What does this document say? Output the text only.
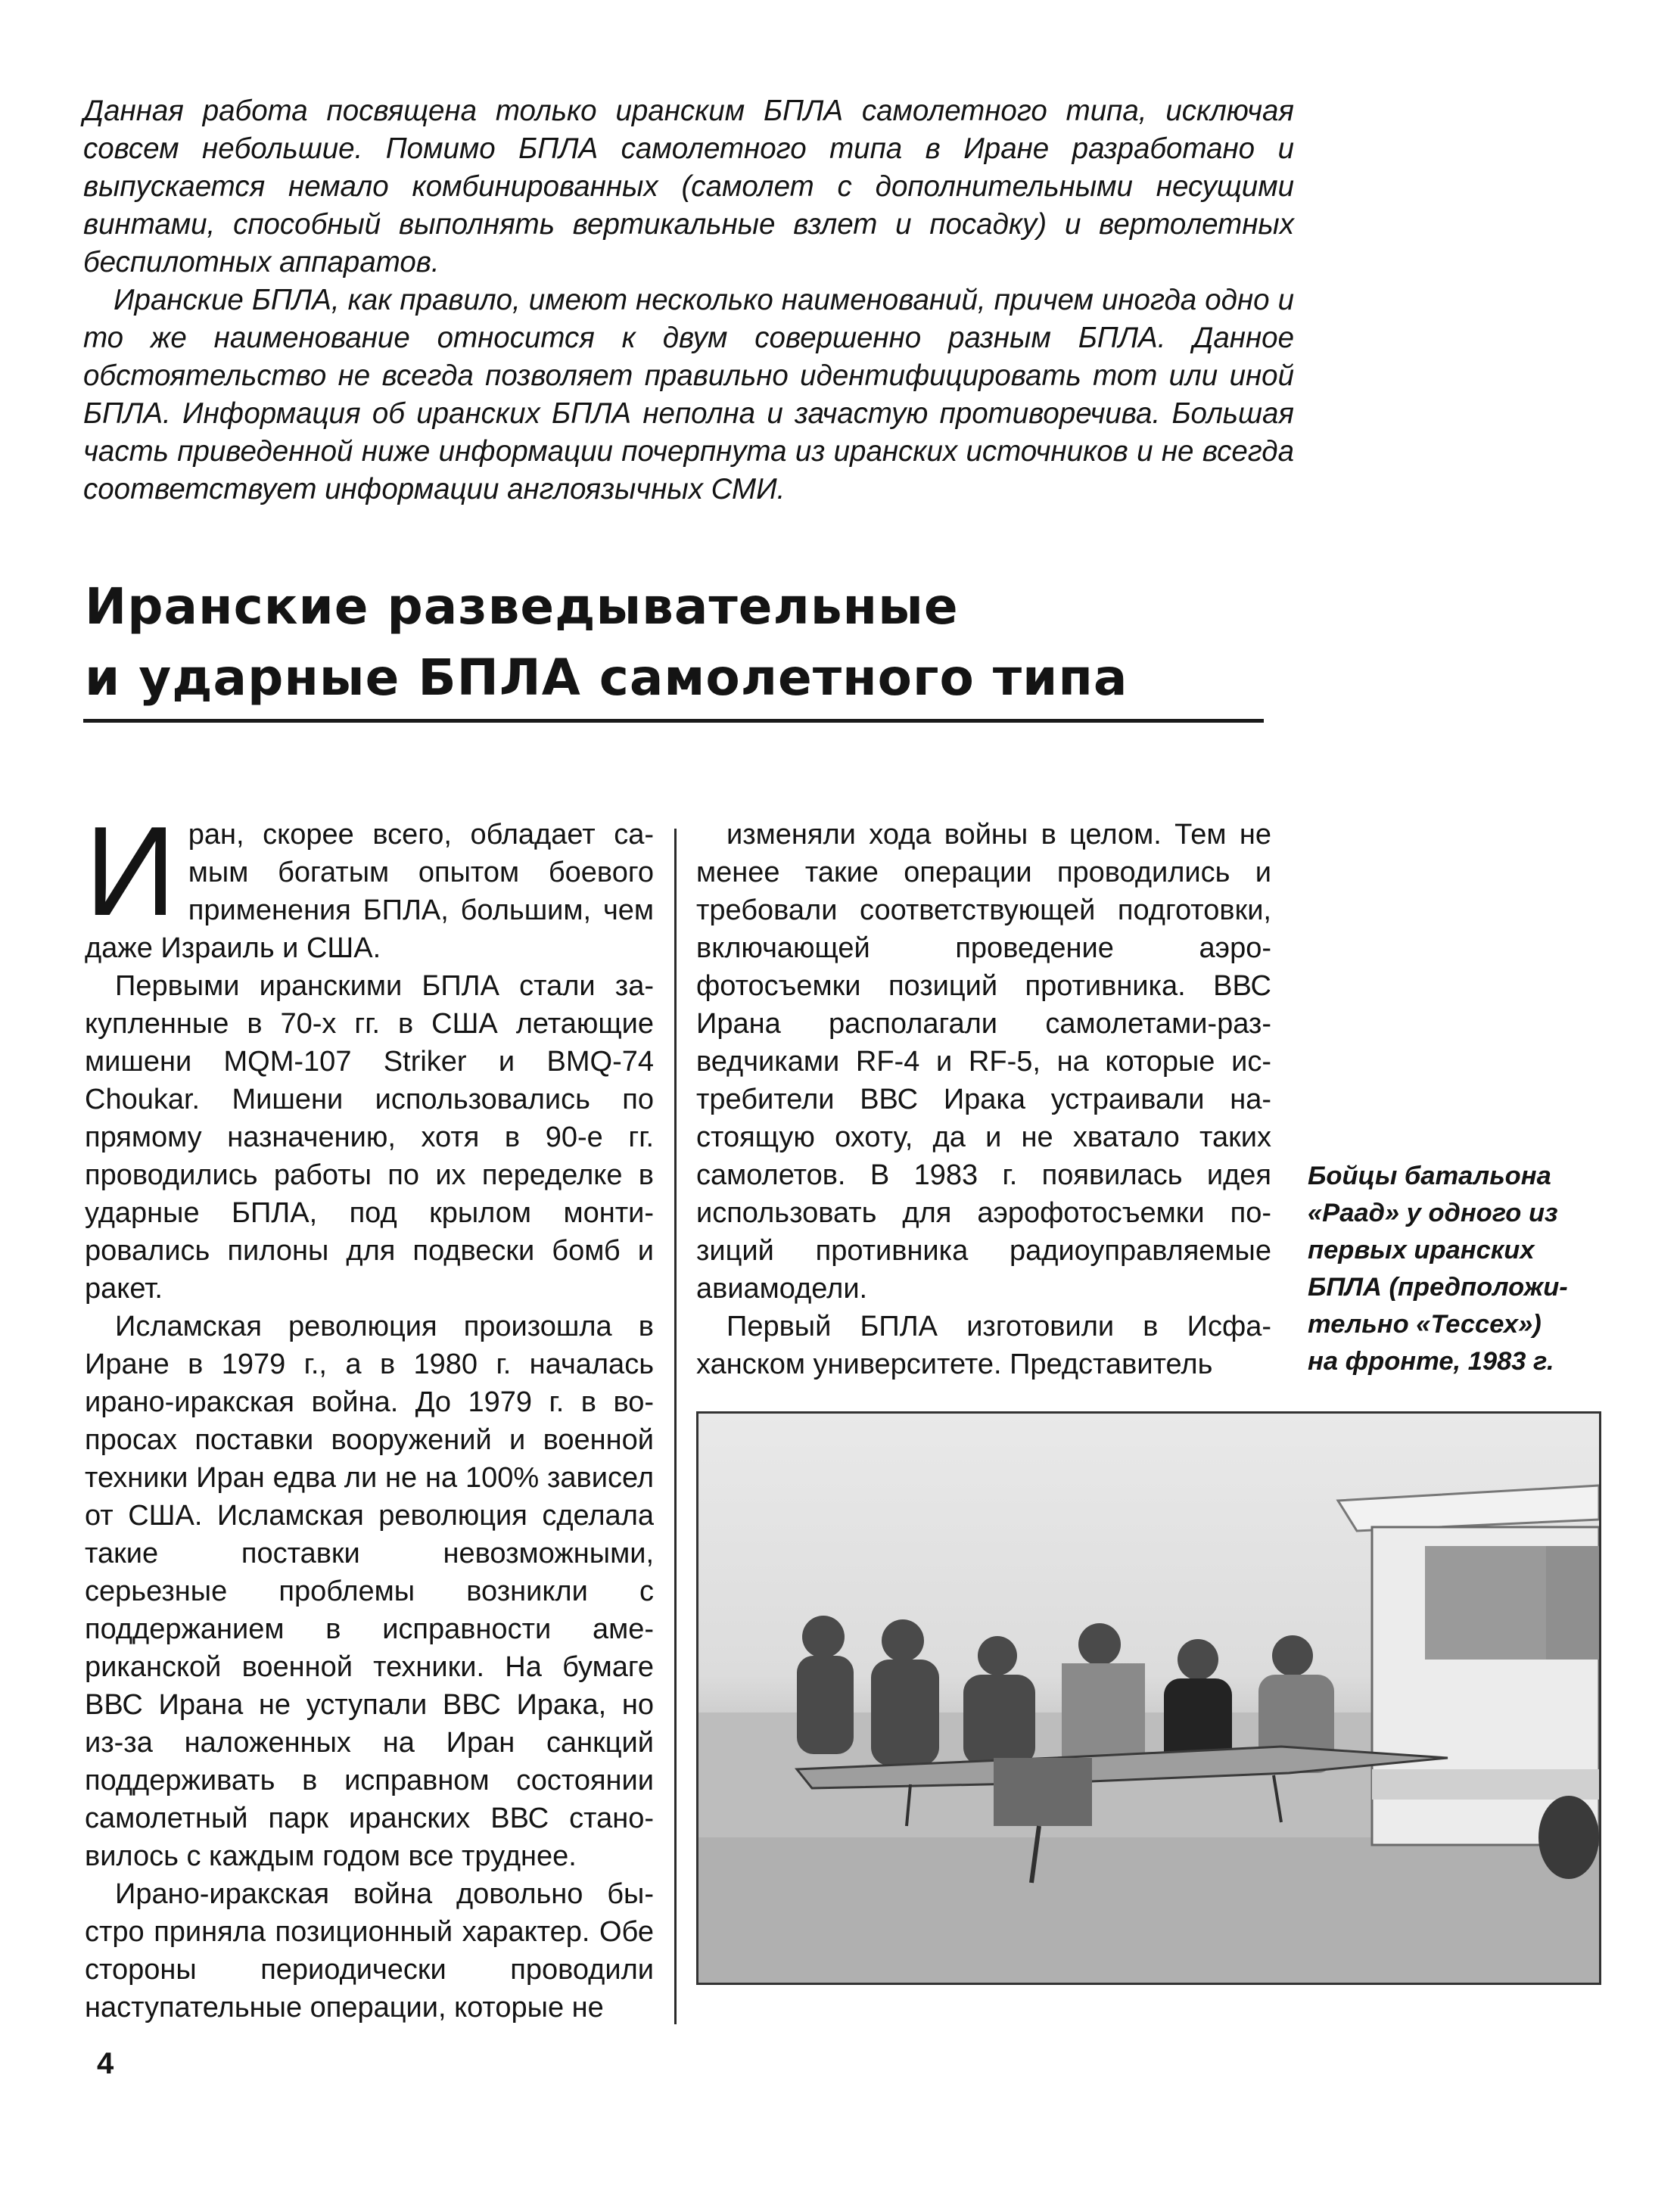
Данная работа посвящена только иранским БПЛА самолетного типа, исключая совсем небольшие. Помимо БПЛА самолетного типа в Иране разработано и выпускается немало комбинированных (самолет с дополнительными несущими винтами, способный выполнять вертикальные взлет и посадку) и вертолетных беспилотных аппаратов.

Иранские БПЛА, как правило, имеют несколько наименований, причем иногда одно и то же наименование относится к двум совершенно разным БПЛА. Данное обстоятельство не всегда позволяет правильно идентифицировать тот или иной БПЛА. Информация об иранских БПЛА неполна и зачастую противоречива. Большая часть приведенной ниже информации почерпнута из иранских источников и не всегда соответствует информации англоязычных СМИ.

Иранские разведывательные
и ударные БПЛА самолетного типа

Иран, скорее всего, обладает самым богатым опытом боевого применения БПЛА, большим, чем даже Израиль и США.

Первыми иранскими БПЛА стали закупленные в 70-х гг. в США летающие мишени MQM-107 Striker и BMQ-74 Choukar. Мишени использовались по прямому назначению, хотя в 90-е гг. проводились работы по их переделке в ударные БПЛА, под крылом монтировались пилоны для подвески бомб и ракет.

Исламская революция произошла в Иране в 1979 г., а в 1980 г. началась ирано-иракская война. До 1979 г. в вопросах поставки вооружений и военной техники Иран едва ли не на 100% зависел от США. Исламская революция сделала такие поставки невозможными, серьезные проблемы возникли с поддержанием в исправности американской военной техники. На бумаге ВВС Ирана не уступали ВВС Ирака, но из-за наложенных на Иран санкций поддерживать в исправном состоянии самолетный парк иранских ВВС становилось с каждым годом все труднее.

Ирано-иракская война довольно быстро приняла позиционный характер. Обе стороны периодически проводили наступательные операции, которые не

изменяли хода войны в целом. Тем не менее такие операции проводились и требовали соответствующей подготовки, включающей проведение аэрофотосъемки позиций противника. ВВС Ирана располагали самолетами-разведчиками RF-4 и RF-5, на которые истребители ВВС Ирака устраивали настоящую охоту, да и не хватало таких самолетов. В 1983 г. появилась идея использовать для аэрофотосъемки позиций противника радиоуправляемые авиамодели.

Первый БПЛА изготовили в Исфаханском университете. Представитель

Бойцы батальона
«Раад» у одного из
первых иранских
БПЛА (предположи-
тельно «Тессех»)
на фронте, 1983 г.

4
